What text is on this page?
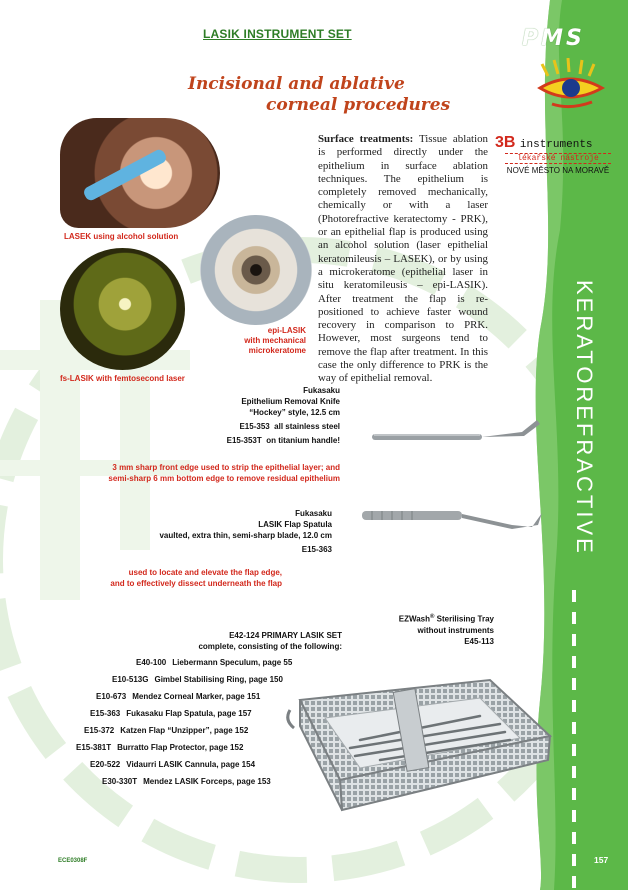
LASIK INSTRUMENT SET	PMS
Incisional and ablative
corneal procedures
LASEK using alcohol solution
epi-LASIK
with mechanical microkeratome
fs-LASIK with femtosecond laser
Surface treatments: Tissue ablation is performed directly under the epithelium in surface ablation techniques. The epithelium is completely removed mechanically, chemically or with a laser (Photorefractive keratectomy - PRK), or an epithelial flap is produced using an alcohol solution (laser epithelial keratomileusis – LASEK), or by using a microkeratome (epithelial laser in situ keratomileusis – epi-LASIK). After treatment the flap is re-positioned to achieve faster wound recovery in comparison to PRK. However, most surgeons tend to remove the flap after treatment. In this case the only difference to PRK is the way of epithelial removal.
3B instruments
lékařské nástroje
NOVÉ MĚSTO NA MORAVĚ
KERATOREFRACTIVE
Fukasaku
Epithelium Removal Knife
“Hockey” style, 12.5 cm
E15-353 all stainless steel
E15-353T on titanium handle!
3 mm sharp front edge used to strip the epithelial layer; and
semi-sharp 6 mm bottom edge to remove residual epithelium
Fukasaku
LASIK Flap Spatula
vaulted, extra thin, semi-sharp blade, 12.0 cm
E15-363
used to locate and elevate the flap edge,
and to effectively dissect underneath the flap
EZWash® Sterilising Tray
without instruments
E45-113
E42-124 PRIMARY LASIK SET
complete, consisting of the following:
E40-100 Liebermann Speculum, page 55
E10-513G Gimbel Stabilising Ring, page 150
E10-673 Mendez Corneal Marker, page 151
E15-363 Fukasaku Flap Spatula, page 157
E15-372 Katzen Flap “Unzipper”, page 152
E15-381T Burratto Flap Protector, page 152
E20-522 Vidaurri LASIK Cannula, page 154
E30-330T Mendez LASIK Forceps, page 153
ECE0308F	157
